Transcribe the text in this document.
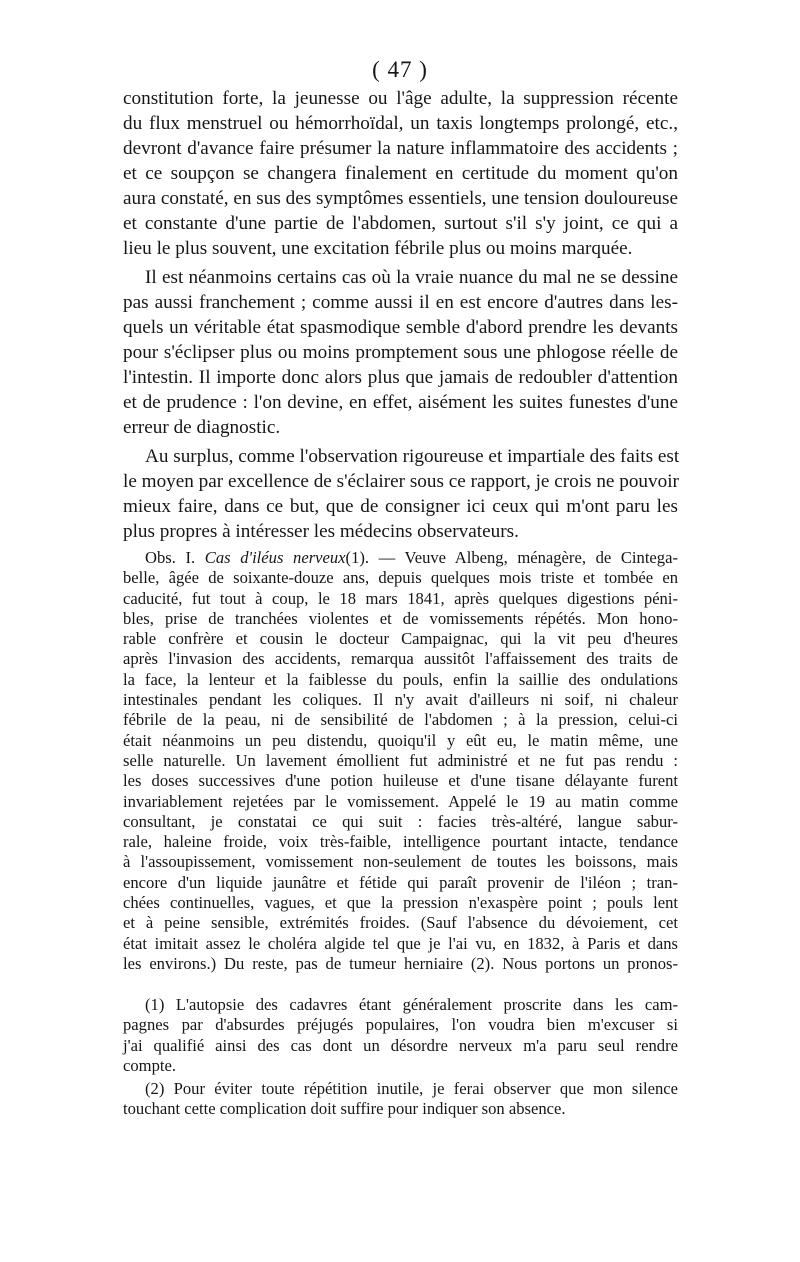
( 47 )
constitution forte, la jeunesse ou l'âge adulte, la suppression récente
du flux menstruel ou hémorrhoïdal, un taxis longtemps prolongé, etc.,
devront d'avance faire présumer la nature inflammatoire des accidents ;
et ce soupçon se changera finalement en certitude du moment qu'on
aura constaté, en sus des symptômes essentiels, une tension douloureuse
et constante d'une partie de l'abdomen, surtout s'il s'y joint, ce qui a
lieu le plus souvent, une excitation fébrile plus ou moins marquée.
Il est néanmoins certains cas où la vraie nuance du mal ne se dessine
pas aussi franchement ; comme aussi il en est encore d'autres dans les-
quels un véritable état spasmodique semble d'abord prendre les devants
pour s'éclipser plus ou moins promptement sous une phlogose réelle de
l'intestin. Il importe donc alors plus que jamais de redoubler d'attention
et de prudence : l'on devine, en effet, aisément les suites funestes d'une
erreur de diagnostic.
Au surplus, comme l'observation rigoureuse et impartiale des faits est
le moyen par excellence de s'éclairer sous ce rapport, je crois ne pouvoir
mieux faire, dans ce but, que de consigner ici ceux qui m'ont paru les
plus propres à intéresser les médecins observateurs.
Obs. I. Cas d'iléus nerveux(1). — Veuve Albeng, ménagère, de Cintega-
belle, âgée de soixante-douze ans, depuis quelques mois triste et tombée en
caducité, fut tout à coup, le 18 mars 1841, après quelques digestions péni-
bles, prise de tranchées violentes et de vomissements répétés. Mon hono-
rable confrère et cousin le docteur Campaignac, qui la vit peu d'heures
après l'invasion des accidents, remarqua aussitôt l'affaissement des traits de
la face, la lenteur et la faiblesse du pouls, enfin la saillie des ondulations
intestinales pendant les coliques. Il n'y avait d'ailleurs ni soif, ni chaleur
fébrile de la peau, ni de sensibilité de l'abdomen ; à la pression, celui-ci
était néanmoins un peu distendu, quoiqu'il y eût eu, le matin même, une
selle naturelle. Un lavement émollient fut administré et ne fut pas rendu :
les doses successives d'une potion huileuse et d'une tisane délayante furent
invariablement rejetées par le vomissement. Appelé le 19 au matin comme
consultant, je constatai ce qui suit : facies très-altéré, langue sabur-
rale, haleine froide, voix très-faible, intelligence pourtant intacte, tendance
à l'assoupissement, vomissement non-seulement de toutes les boissons, mais
encore d'un liquide jaunâtre et fétide qui paraît provenir de l'iléon ; tran-
chées continuelles, vagues, et que la pression n'exaspère point ; pouls lent
et à peine sensible, extrémités froides. (Sauf l'absence du dévoiement, cet
état imitait assez le choléra algide tel que je l'ai vu, en 1832, à Paris et dans
les environs.) Du reste, pas de tumeur herniaire (2). Nous portons un pronos-
(1) L'autopsie des cadavres étant généralement proscrite dans les cam-
pagnes par d'absurdes préjugés populaires, l'on voudra bien m'excuser si
j'ai qualifié ainsi des cas dont un désordre nerveux m'a paru seul rendre
compte.
(2) Pour éviter toute répétition inutile, je ferai observer que mon silence
touchant cette complication doit suffire pour indiquer son absence.
